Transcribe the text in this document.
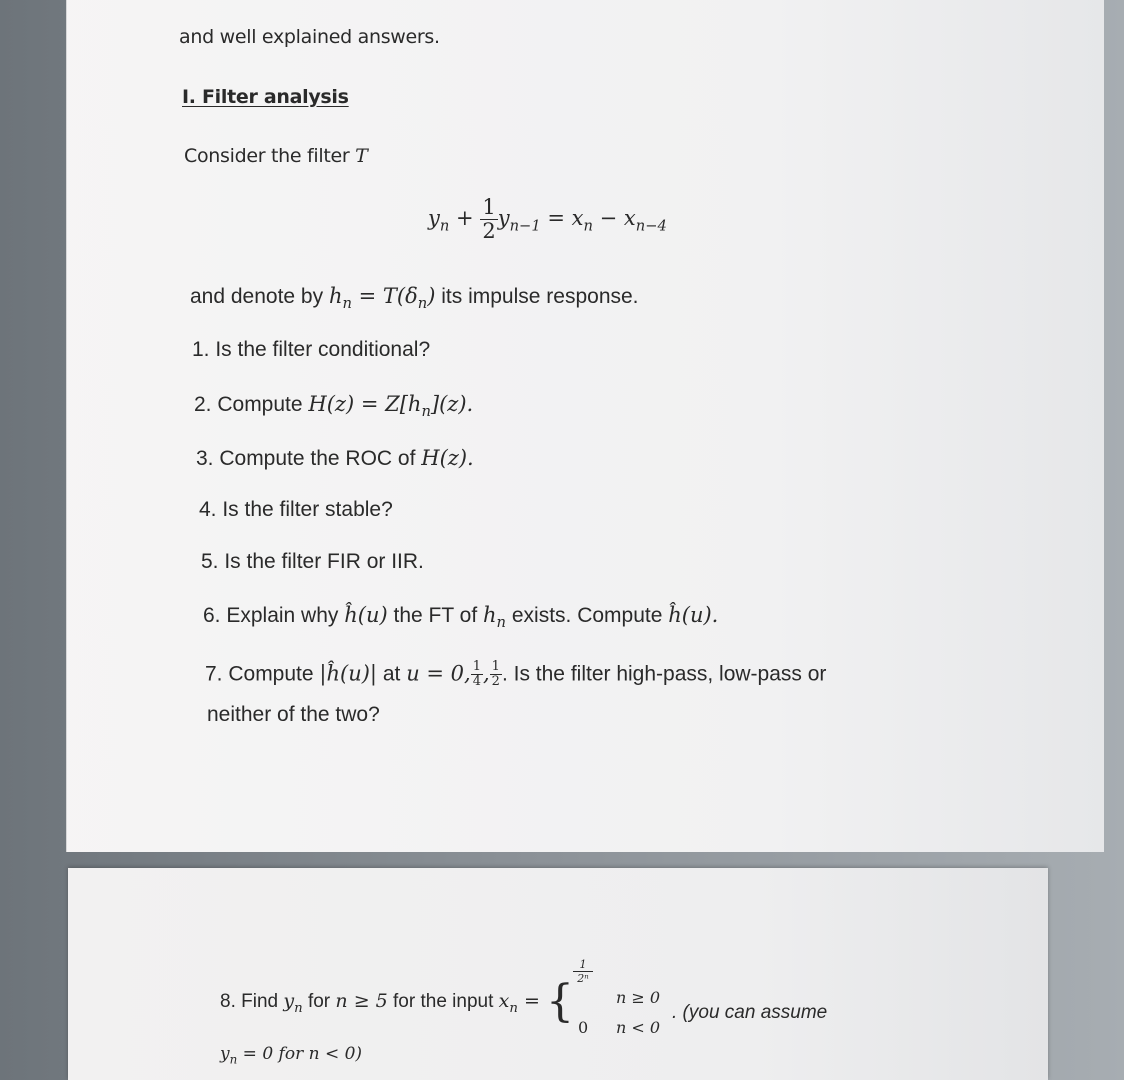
and well explained answers.
I. Filter analysis
Consider the filter T
$y_n + \frac{1}{2} y_{n-1} = x_n - x_{n-4}$
and denote by $h_n = T(\delta_n)$ its impulse response.
1. Is the filter conditional?
2. Compute $H(z) = Z[h_n](z)$.
3. Compute the ROC of H(z).
4. Is the filter stable?
5. Is the filter FIR or IIR.
6. Explain why ĥ(u) the FT of $h_n$ exists. Compute ĥ(u).
7. Compute |ĥ(u)| at u = 0, $\frac{1}{4}$ , $\frac{1}{2}$ . Is the filter high-pass, low-pass or
neither of the two?
8. Find $y_n$ for n ≥ 5 for the input $x_n$ = {
$\frac{1}{\text{2ⁿ}}$
n ≥ 0
0 n < 0
. (you can assume
$y_n = 0$ for n < 0)
